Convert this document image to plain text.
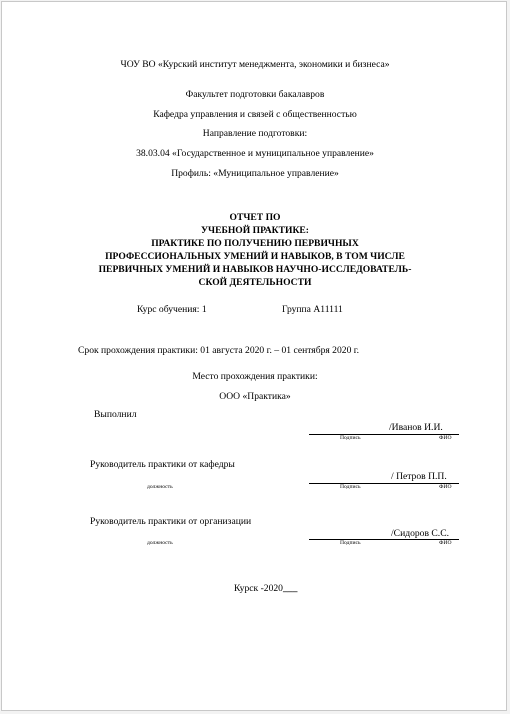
ЧОУ ВО «Курский институт менеджмента, экономики и бизнеса»
Факультет подготовки бакалавров
Кафедра управления и связей с общественностью
Направление подготовки:
38.03.04 «Государственное и муниципальное управление»
Профиль: «Муниципальное управление»
ОТЧЕТ ПО
УЧЕБНОЙ ПРАКТИКЕ:
ПРАКТИКЕ ПО ПОЛУЧЕНИЮ ПЕРВИЧНЫХ
ПРОФЕССИОНАЛЬНЫХ УМЕНИЙ И НАВЫКОВ, В ТОМ ЧИСЛЕ
ПЕРВИЧНЫХ УМЕНИЙ И НАВЫКОВ НАУЧНО-ИССЛЕДОВАТЕЛЬ-
СКОЙ ДЕЯТЕЛЬНОСТИ
Курс обучения: 1	Группа А11111
Срок прохождения практики: 01 августа 2020 г. – 01 сентября 2020 г.
Место прохождения практики:
ООО «Практика»
Выполнил
/Иванов И.И.
Подпись	ФИО
Руководитель практики от кафедры
/ Петров П.П.
должность	Подпись	ФИО
Руководитель практики от организации
/Сидоров С.С.
должность	Подпись	ФИО
Курск -2020___
